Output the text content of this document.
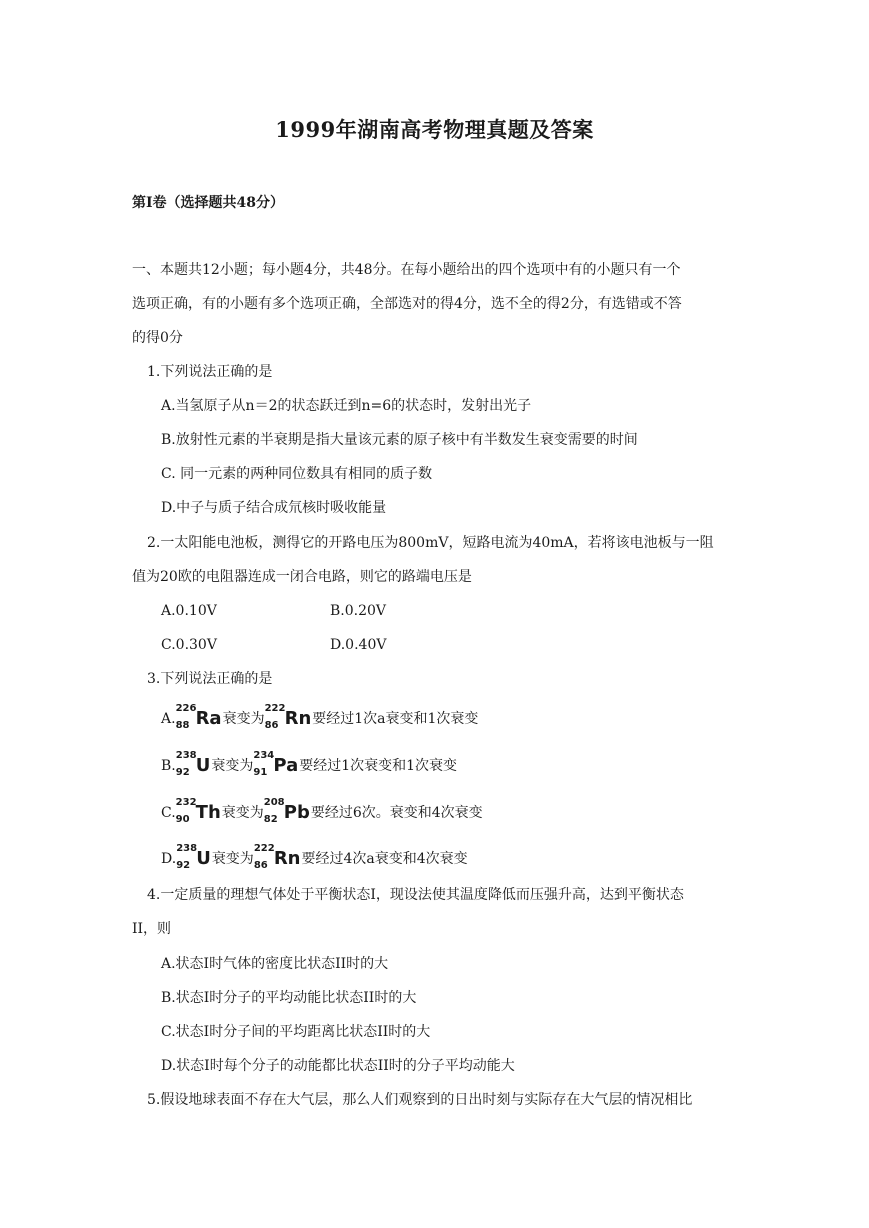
1999年湖南高考物理真题及答案
第Ⅰ卷（选择题共48分）
一、本题共12小题；每小题4分，共48分。在每小题给出的四个选项中有的小题只有一个
选项正确，有的小题有多个选项正确，全部选对的得4分，选不全的得2分，有选错或不答
的得0分
1.下列说法正确的是
A.当氢原子从n＝2的状态跃迁到n=6的状态时，发射出光子
B.放射性元素的半衰期是指大量该元素的原子核中有半数发生衰变需要的时间
C. 同一元素的两种同位数具有相同的质子数
D.中子与质子结合成氘核时吸收能量
2.一太阳能电池板，测得它的开路电压为800mV，短路电流为40mA，若将该电池板与一阻
值为20欧的电阻器连成一闭合电路，则它的路端电压是
A.0.10V	B.0.20V
C.0.30V	D.0.40V
3.下列说法正确的是
A.
226
88 Ra衰变为
222
86 Rn要经过1次a衰变和1次衰变
B.
238
92 U衰变为
234
91 Pa要经过1次衰变和1次衰变
C.
232
90 Th衰变为
208
82 Pb要经过6次。衰变和4次衰变
D.
238
92 U衰变为
222
86 Rn要经过4次a衰变和4次衰变
4.一定质量的理想气体处于平衡状态I，现设法使其温度降低而压强升高，达到平衡状态
II，则
A.状态I时气体的密度比状态II时的大
B.状态I时分子的平均动能比状态II时的大
C.状态I时分子间的平均距离比状态II时的大
D.状态I时每个分子的动能都比状态II时的分子平均动能大
5.假设地球表面不存在大气层，那么人们观察到的日出时刻与实际存在大气层的情况相比
